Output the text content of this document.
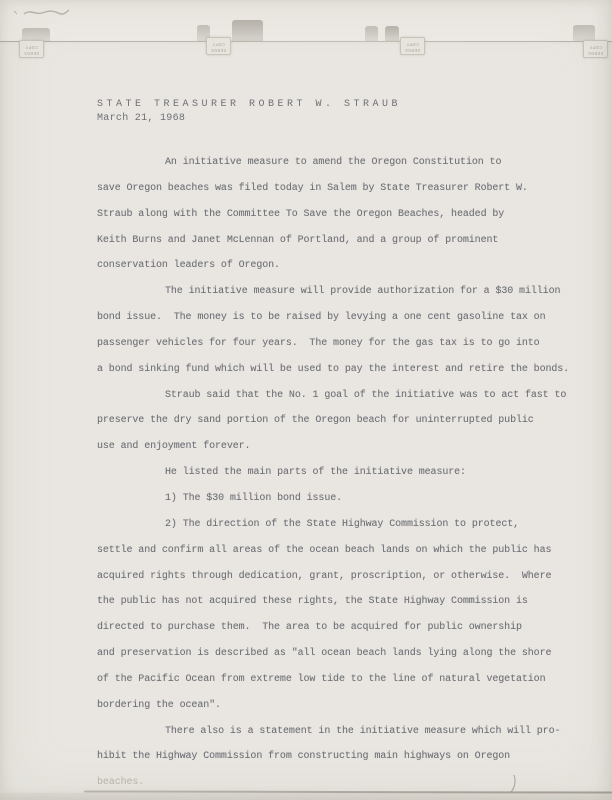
XEROX
COPY	XEROX
COPY
XEROX
COPY
XEROX
COPY
STATE TREASURER ROBERT W. STRAUB
March 21, 1968
An initiative measure to amend the Oregon Constitution to
save Oregon beaches was filed today in Salem by State Treasurer Robert W.
Straub along with the Committee To Save the Oregon Beaches, headed by
Keith Burns and Janet McLennan of Portland, and a group of prominent
conservation leaders of Oregon.
The initiative measure will provide authorization for a $30 million
bond issue.  The money is to be raised by levying a one cent gasoline tax on
passenger vehicles for four years.  The money for the gas tax is to go into
a bond sinking fund which will be used to pay the interest and retire the bonds.
Straub said that the No. 1 goal of the initiative was to act fast to
preserve the dry sand portion of the Oregon beach for uninterrupted public
use and enjoyment forever.
He listed the main parts of the initiative measure:
1) The $30 million bond issue.
2) The direction of the State Highway Commission to protect,
settle and confirm all areas of the ocean beach lands on which the public has
acquired rights through dedication, grant, proscription, or otherwise.  Where
the public has not acquired these rights, the State Highway Commission is
directed to purchase them.  The area to be acquired for public ownership
and preservation is described as "all ocean beach lands lying along the shore
of the Pacific Ocean from extreme low tide to the line of natural vegetation
bordering the ocean".
There also is a statement in the initiative measure which will pro-
hibit the Highway Commission from constructing main highways on Oregon
beaches.
